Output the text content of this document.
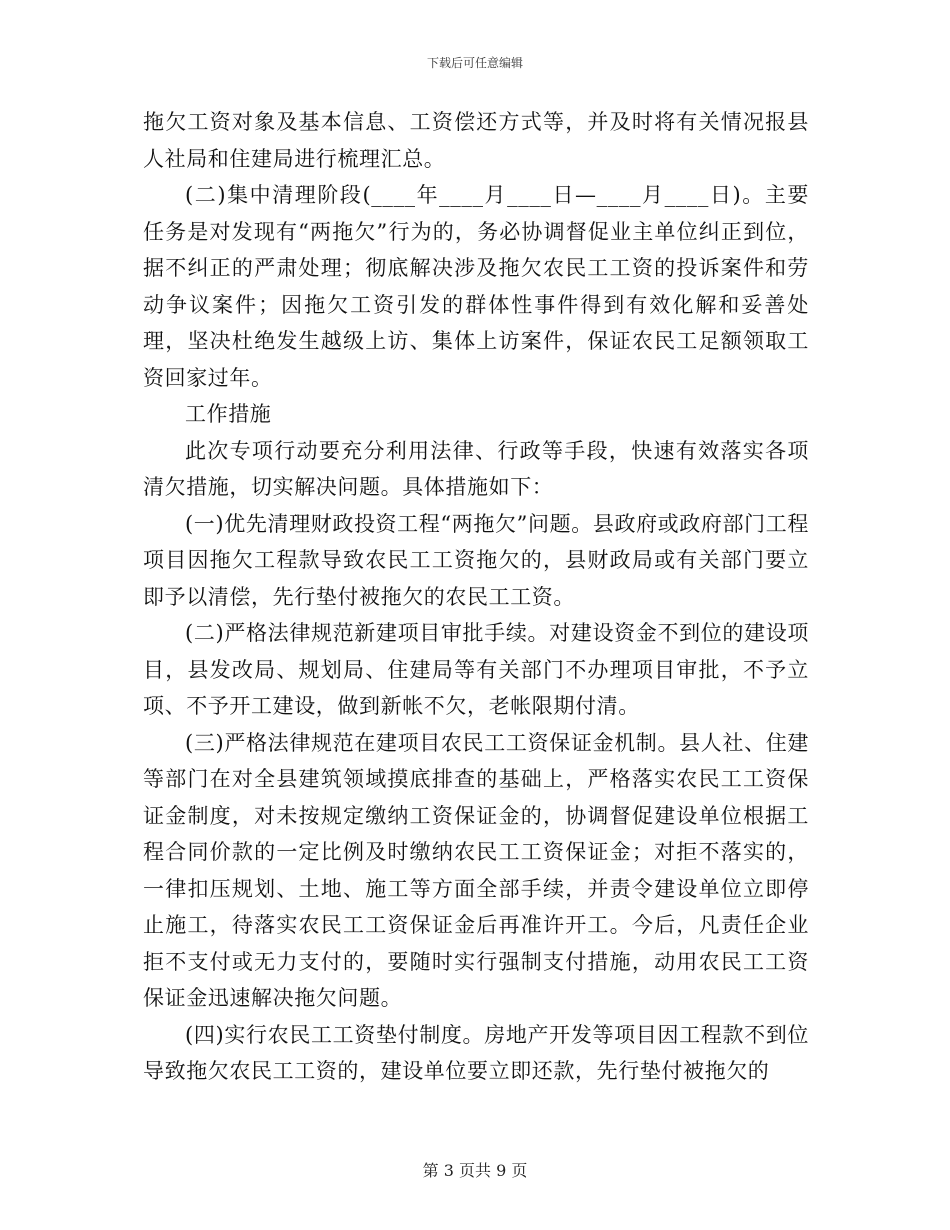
下载后可任意编辑

拖欠工资对象及基本信息、工资偿还方式等，并及时将有关情况报县人社局和住建局进行梳理汇总。

(二)集中清理阶段(____年____月____日—____月____日)。主要任务是对发现有“两拖欠”行为的，务必协调督促业主单位纠正到位，据不纠正的严肃处理；彻底解决涉及拖欠农民工工资的投诉案件和劳动争议案件；因拖欠工资引发的群体性事件得到有效化解和妥善处理，坚决杜绝发生越级上访、集体上访案件，保证农民工足额领取工资回家过年。

工作措施

此次专项行动要充分利用法律、行政等手段，快速有效落实各项清欠措施，切实解决问题。具体措施如下：

(一)优先清理财政投资工程“两拖欠”问题。县政府或政府部门工程项目因拖欠工程款导致农民工工资拖欠的，县财政局或有关部门要立即予以清偿，先行垫付被拖欠的农民工工资。

(二)严格法律规范新建项目审批手续。对建设资金不到位的建设项目，县发改局、规划局、住建局等有关部门不办理项目审批，不予立项、不予开工建设，做到新帐不欠，老帐限期付清。

(三)严格法律规范在建项目农民工工资保证金机制。县人社、住建等部门在对全县建筑领域摸底排查的基础上，严格落实农民工工资保证金制度，对未按规定缴纳工资保证金的，协调督促建设单位根据工程合同价款的一定比例及时缴纳农民工工资保证金；对拒不落实的，一律扣压规划、土地、施工等方面全部手续，并责令建设单位立即停止施工，待落实农民工工资保证金后再准许开工。今后，凡责任企业拒不支付或无力支付的，要随时实行强制支付措施，动用农民工工资保证金迅速解决拖欠问题。

(四)实行农民工工资垫付制度。房地产开发等项目因工程款不到位导致拖欠农民工工资的，建设单位要立即还款，先行垫付被拖欠的

第 3 页共 9 页
